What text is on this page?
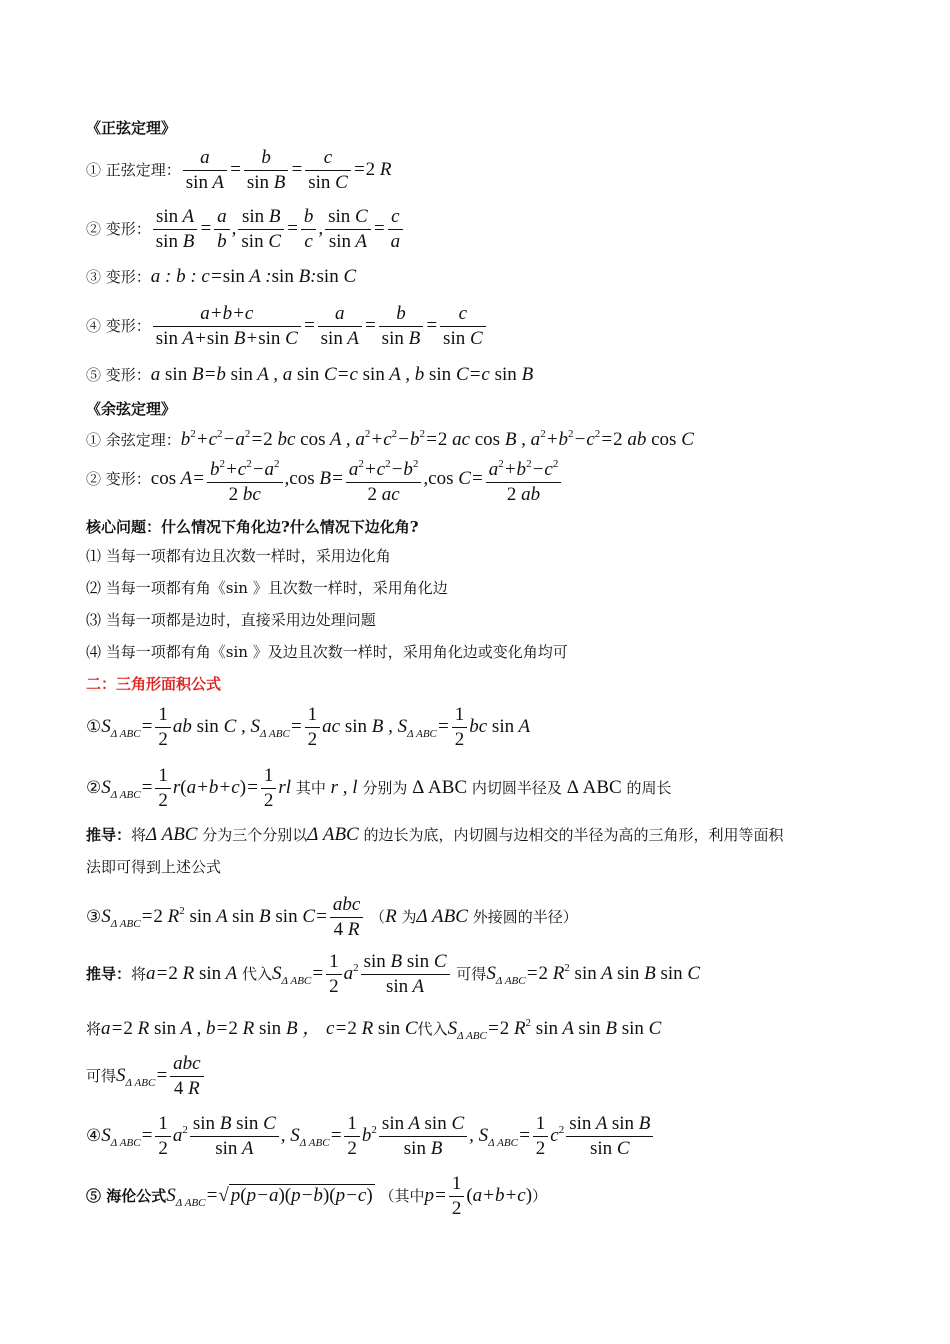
《正弦定理》
① 正弦定理： $\frac{a}{\text{sin A}} = \frac{b}{\text{sin B}} = \frac{c}{\text{sin C}} =2$ R
② 变形： $\frac{\text{sin A}}{\text{sin B}} = \frac{a}{b}$ , $\frac{\text{sin B}}{\text{sin C}} = \frac{b}{c}$ , $\frac{\text{sin C}}{\text{sin A}} = \frac{c}{a}$
③ 变形：a : b : c=sin A :sin B:sin C
④ 变形： $\frac{a+b+c}{\text{sin A+sin B+sin C}} = \frac{a}{\text{sin A}} = \frac{b}{\text{sin B}} = \frac{c}{\text{sin C}}$
⑤ 变形：a sin B=b sin A , a sin C=c sin A , b sin C=c sin B
《余弦定理》
① 余弦定理：$b^2+c^2-a^2=2$ bc cos A , $a^2+c^2-b^2=2$ ac cos B , $a^2+b^2-c^2=2$ ab cos C
② 变形：$\cos A= \frac{b^2+c^2-a^2}{2 bc} ,\cos$ $B= \frac{a^2+c^2-b^2}{2 ac} ,\cos$ $C= \frac{a^2+b^2-c^2}{2 ab}$
核心问题：什么情况下角化边?什么情况下边化角?
⑴ 当每一项都有边且次数一样时，采用边化角
⑵ 当每一项都有角《sin 》且次数一样时，采用角化边
⑶ 当每一项都是边时，直接采用边处理问题
⑷ 当每一项都有角《sin 》及边且次数一样时，采用角化边或变化角均可
二：三角形面积公式
$①S_{\Delta ABC}= \frac{1}{2}$ ab sin C , $S_{\Delta ABC}= \frac{1}{2}$ ac sin B , $S_{\Delta ABC}= \frac{1}{2}$ bc sin A
$②S_{\Delta ABC}= \frac{1}{2} r(a+b+c)= \frac{1}{2}$ rl 其中 r , l 分别为 Δ ABC 内切圆半径及 Δ ABC 的周长
推导：将Δ ABC 分为三个分别以Δ ABC 的边长为底，内切圆与边相交的半径为高的三角形，利用等面积
法即可得到上述公式
$③S_{\Delta ABC}=2$ $R^2$ sin A sin B sin C=
abc
4 R
（R 为Δ ABC 外接圆的半径）
推导：将a=2 R sin A 代入$S_{\Delta ABC}= \frac{1}{2} a^2 \frac{\text{sin B sin C}}{\text{sin A}}$ 可得$S_{\Delta ABC}=2$ $R^2$ sin A sin B sin C
将a=2 R sin A , b=2 R sin B ， c=2 R sin C代入$S_{\Delta ABC}=2$ $R^2$ sin A sin B sin C
可得$S_{\Delta ABC}=$
abc
4 R
$④S_{\Delta ABC}= \frac{1}{2} a^2 \frac{\text{sin B sin C}}{\text{sin A}}$ , $S_{\Delta ABC}= \frac{1}{2} b^2 \frac{\text{sin A sin C}}{\text{sin B}}$ , $S_{\Delta ABC}= \frac{1}{2} c^2 \frac{\text{sin A sin B}}{\text{sin C}}$
⑤ 海伦公式$S_{\Delta ABC}=√$ p(p−a)(p−b)(p−c) （其中$p= \frac{1}{2} (a+b+c)$）
